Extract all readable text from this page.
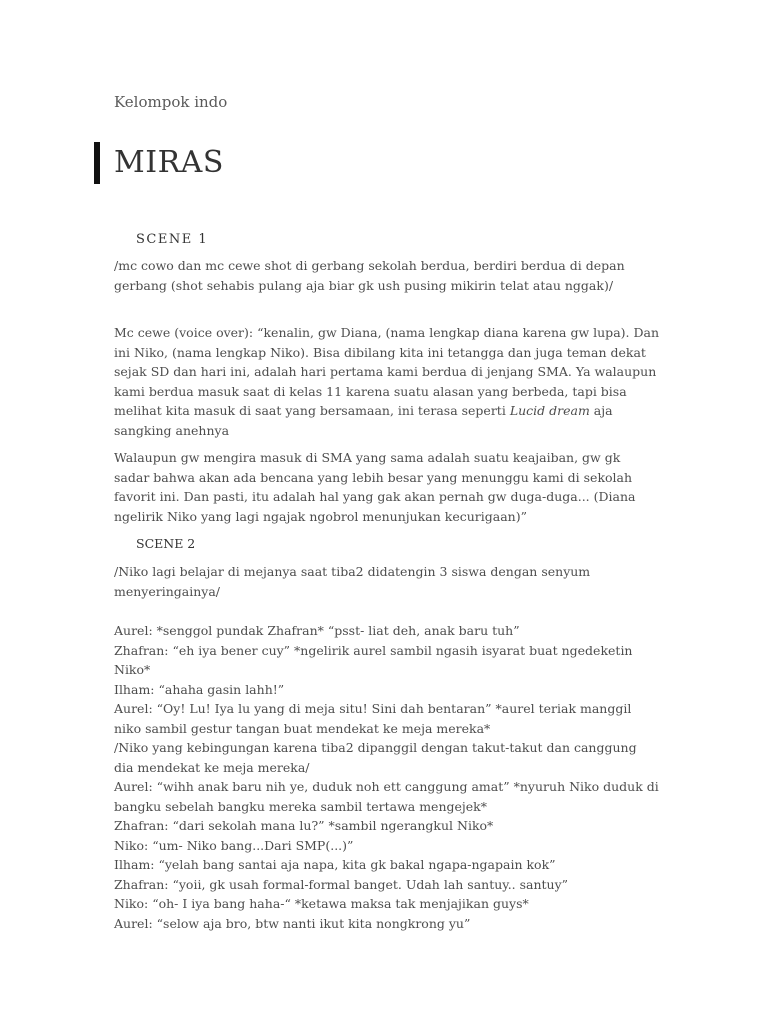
Kelompok indo
MIRAS
SCENE 1

/mc cowo dan mc cewe shot di gerbang sekolah berdua, berdiri berdua di depan gerbang (shot sehabis pulang aja biar gk ush pusing mikirin telat atau nggak)/

Mc cewe (voice over): “kenalin, gw Diana, (nama lengkap diana karena gw lupa). Dan ini Niko, (nama lengkap Niko). Bisa dibilang kita ini tetangga dan juga teman dekat sejak SD dan hari ini, adalah hari pertama kami berdua di jenjang SMA. Ya walaupun kami berdua masuk saat di kelas 11 karena suatu alasan yang berbeda, tapi bisa melihat kita masuk di saat yang bersamaan, ini terasa seperti Lucid dream aja sangking anehnya

Walaupun gw mengira masuk di SMA yang sama adalah suatu keajaiban, gw gk sadar bahwa akan ada bencana yang lebih besar yang menunggu kami di sekolah favorit ini. Dan pasti, itu adalah hal yang gak akan pernah gw duga-duga... (Diana ngelirik Niko yang lagi ngajak ngobrol menunjukan kecurigaan)”

SCENE 2

/Niko lagi belajar di mejanya saat tiba2 didatengin 3 siswa dengan senyum menyeringainya/

Aurel: *senggol pundak Zhafran* “psst- liat deh, anak baru tuh”

Zhafran: “eh iya bener cuy” *ngelirik aurel sambil ngasih isyarat buat ngedeketin Niko*

Ilham: “ahaha gasin lahh!”

Aurel: “Oy! Lu! Iya lu yang di meja situ! Sini dah bentaran” *aurel teriak manggil niko sambil gestur tangan buat mendekat ke meja mereka*

/Niko yang kebingungan karena tiba2 dipanggil dengan takut-takut dan canggung dia mendekat ke meja mereka/

Aurel: “wihh anak baru nih ye, duduk noh ett canggung amat” *nyuruh Niko duduk di bangku sebelah bangku mereka sambil tertawa mengejek*

Zhafran: “dari sekolah mana lu?” *sambil ngerangkul Niko*

Niko: “um- Niko bang...Dari SMP(...)”

Ilham: “yelah bang santai aja napa, kita gk bakal ngapa-ngapain kok”

Zhafran: “yoii, gk usah formal-formal banget. Udah lah santuy.. santuy”

Niko: “oh- I iya bang haha-“ *ketawa maksa tak menjajikan guys*

Aurel: “selow aja bro, btw nanti ikut kita nongkrong yu”
